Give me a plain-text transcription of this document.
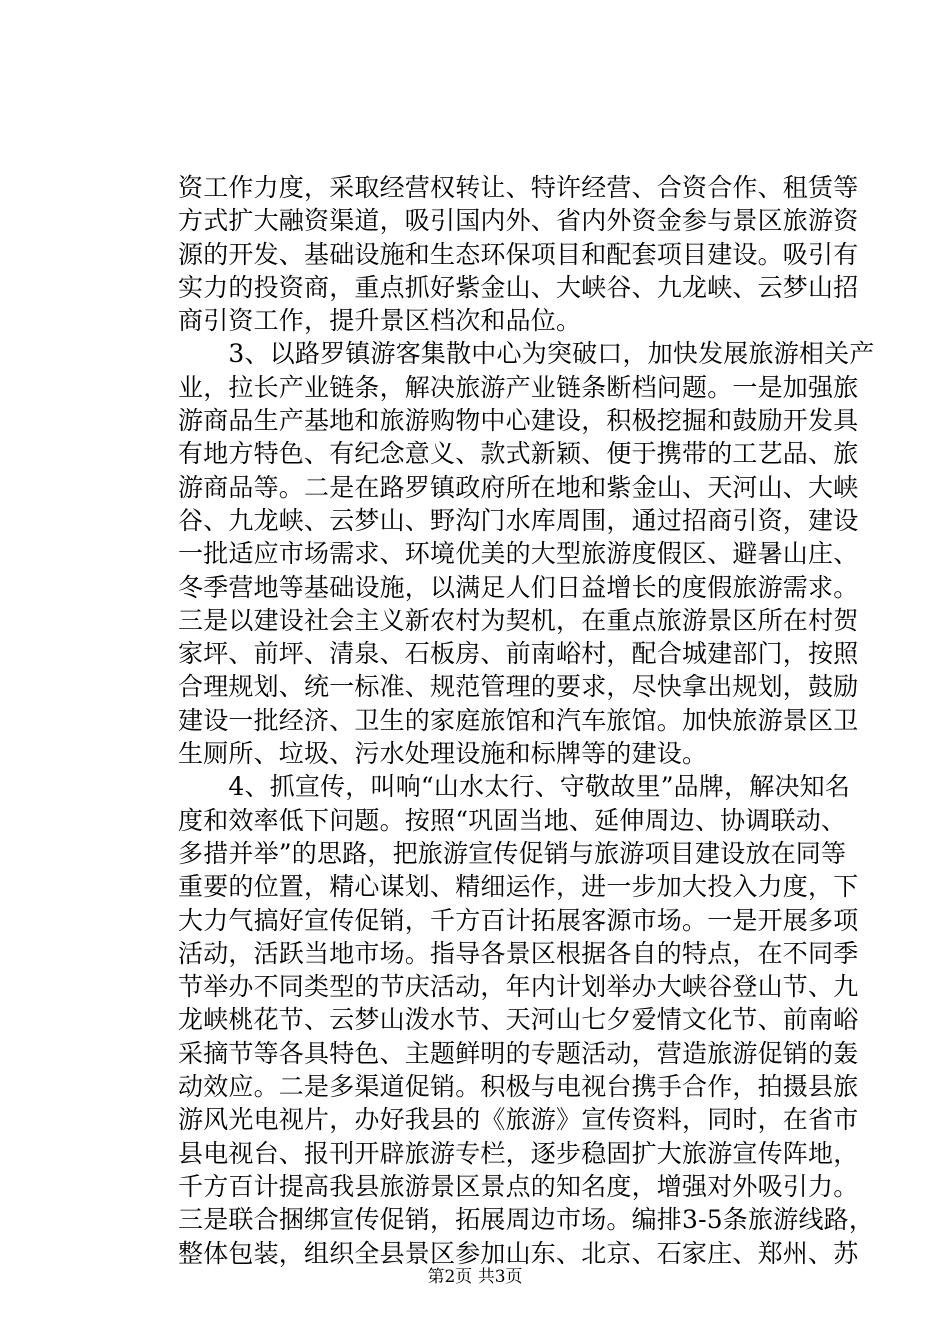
资工作力度，采取经营权转让、特许经营、合资合作、租赁等
方式扩大融资渠道，吸引国内外、省内外资金参与景区旅游资
源的开发、基础设施和生态环保项目和配套项目建设。吸引有
实力的投资商，重点抓好紫金山、大峡谷、九龙峡、云梦山招
商引资工作，提升景区档次和品位。
　　3、以路罗镇游客集散中心为突破口，加快发展旅游相关产
业，拉长产业链条，解决旅游产业链条断档问题。一是加强旅
游商品生产基地和旅游购物中心建设，积极挖掘和鼓励开发具
有地方特色、有纪念意义、款式新颖、便于携带的工艺品、旅
游商品等。二是在路罗镇政府所在地和紫金山、天河山、大峡
谷、九龙峡、云梦山、野沟门水库周围，通过招商引资，建设
一批适应市场需求、环境优美的大型旅游度假区、避暑山庄、
冬季营地等基础设施，以满足人们日益增长的度假旅游需求。
三是以建设社会主义新农村为契机，在重点旅游景区所在村贺
家坪、前坪、清泉、石板房、前南峪村，配合城建部门，按照
合理规划、统一标准、规范管理的要求，尽快拿出规划，鼓励
建设一批经济、卫生的家庭旅馆和汽车旅馆。加快旅游景区卫
生厕所、垃圾、污水处理设施和标牌等的建设。
　　4、抓宣传，叫响“山水太行、守敬故里”品牌，解决知名
度和效率低下问题。按照“巩固当地、延伸周边、协调联动、
多措并举”的思路，把旅游宣传促销与旅游项目建设放在同等
重要的位置，精心谋划、精细运作，进一步加大投入力度，下
大力气搞好宣传促销，千方百计拓展客源市场。一是开展多项
活动，活跃当地市场。指导各景区根据各自的特点，在不同季
节举办不同类型的节庆活动，年内计划举办大峡谷登山节、九
龙峡桃花节、云梦山泼水节、天河山七夕爱情文化节、前南峪
采摘节等各具特色、主题鲜明的专题活动，营造旅游促销的轰
动效应。二是多渠道促销。积极与电视台携手合作，拍摄县旅
游风光电视片，办好我县的《旅游》宣传资料，同时，在省市
县电视台、报刊开辟旅游专栏，逐步稳固扩大旅游宣传阵地，
千方百计提高我县旅游景区景点的知名度，增强对外吸引力。
三是联合捆绑宣传促销，拓展周边市场。编排3-5条旅游线路，
整体包装，组织全县景区参加山东、北京、石家庄、郑州、苏
第2页 共3页
